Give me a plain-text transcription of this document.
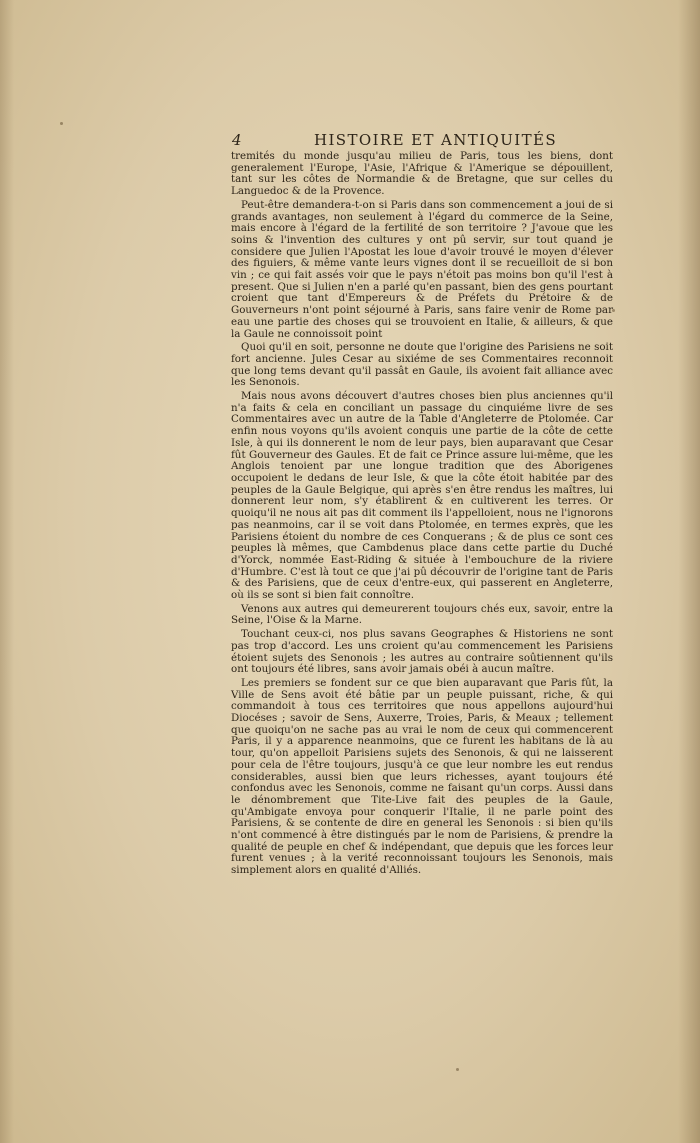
4	HISTOIRE ET ANTIQUITÉS

tremités du monde jusqu'au milieu de Paris, tous les biens, dont generalement l'Europe, l'Asie, l'Afrique & l'Amerique se dépouillent, tant sur les côtes de Normandie & de Bretagne, que sur celles du Languedoc & de la Provence.

Peut-être demandera-t-on si Paris dans son commencement a joui de si grands avantages, non seulement à l'égard du commerce de la Seine, mais encore à l'égard de la fertilité de son territoire ? J'avoue que les soins & l'invention des cultures y ont pû servir, sur tout quand je considere que Julien l'Apostat les loue d'avoir trouvé le moyen d'élever des figuiers, & même vante leurs vignes dont il se recueilloit de si bon vin ; ce qui fait assés voir que le pays n'étoit pas moins bon qu'il l'est à present. Que si Julien n'en a parlé qu'en passant, bien des gens pourtant croient que tant d'Empereurs & de Préfets du Prétoire & de Gouverneurs n'ont point séjourné à Paris, sans faire venir de Rome par eau une partie des choses qui se trouvoient en Italie, & ailleurs, & que la Gaule ne connoissoit point

Quoi qu'il en soit, personne ne doute que l'origine des Parisiens ne soit fort ancienne. Jules Cesar au sixiéme de ses Commentaires reconnoit que long tems devant qu'il passât en Gaule, ils avoient fait alliance avec les Senonois.

Mais nous avons découvert d'autres choses bien plus anciennes qu'il n'a faits & cela en conciliant un passage du cinquiéme livre de ses Commentaires avec un autre de la Table d'Angleterre de Ptolomée. Car enfin nous voyons qu'ils avoient conquis une partie de la côte de cette Isle, à qui ils donnerent le nom de leur pays, bien auparavant que Cesar fût Gouverneur des Gaules. Et de fait ce Prince assure lui-même, que les Anglois tenoient par une longue tradition que des Aborigenes occupoient le dedans de leur Isle, & que la côte étoit habitée par des peuples de la Gaule Belgique, qui après s'en être rendus les maîtres, lui donnerent leur nom, s'y établirent & en cultiverent les terres. Or quoiqu'il ne nous ait pas dit comment ils l'appelloient, nous ne l'ignorons pas neanmoins, car il se voit dans Ptolomée, en termes exprès, que les Parisiens étoient du nombre de ces Conquerans ; & de plus ce sont ces peuples là mêmes, que Cambdenus place dans cette partie du Duché d'Yorck, nommée East-Riding & située à l'embouchure de la riviere d'Humbre. C'est là tout ce que j'ai pû découvrir de l'origine tant de Paris & des Parisiens, que de ceux d'entre-eux, qui passerent en Angleterre, où ils se sont si bien fait connoître.

Venons aux autres qui demeurerent toujours chés eux, savoir, entre la Seine, l'Oise & la Marne.

Touchant ceux-ci, nos plus savans Geographes & Historiens ne sont pas trop d'accord. Les uns croient qu'au commencement les Parisiens étoient sujets des Senonois ; les autres au contraire soûtiennent qu'ils ont toujours été libres, sans avoir jamais obéi à aucun maître.

Les premiers se fondent sur ce que bien auparavant que Paris fût, la Ville de Sens avoit été bâtie par un peuple puissant, riche, & qui commandoit à tous ces territoires que nous appellons aujourd'hui Diocéses ; savoir de Sens, Auxerre, Troies, Paris, & Meaux ; tellement que quoiqu'on ne sache pas au vrai le nom de ceux qui commencerent Paris, il y a apparence neanmoins, que ce furent les habitans de là au tour, qu'on appelloit Parisiens sujets des Senonois, & qui ne laisserent pour cela de l'être toujours, jusqu'à ce que leur nombre les eut rendus considerables, aussi bien que leurs richesses, ayant toujours été confondus avec les Senonois, comme ne faisant qu'un corps. Aussi dans le dénombrement que Tite-Live fait des peuples de la Gaule, qu'Ambigate envoya pour conquerir l'Italie, il ne parle point des Parisiens, & se contente de dire en general les Senonois : si bien qu'ils n'ont commencé à être distingués par le nom de Parisiens, & prendre la qualité de peuple en chef & indépendant, que depuis que les forces leur furent venues ; à la verité reconnoissant toujours les Senonois, mais simplement alors en qualité d'Alliés.
